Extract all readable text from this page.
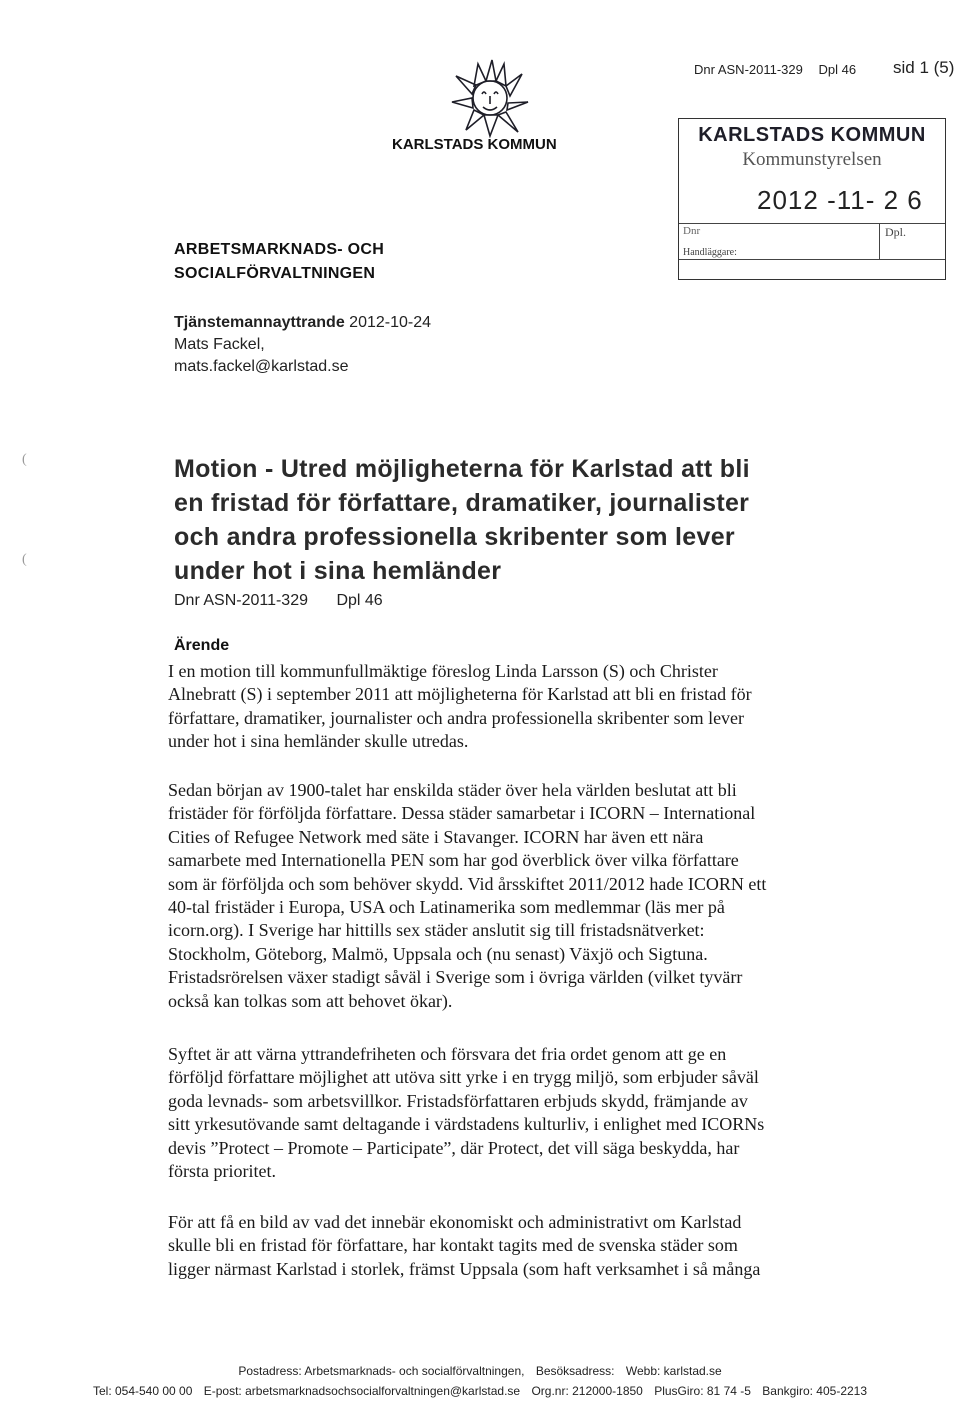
Dnr ASN-2011-329 Dpl 46	sid 1 (5)
KARLSTADS KOMMUN	KARLSTADS KOMMUN
Kommunstyrelsen
2012 -11- 2 6
Dnr	Dpl.
Handläggare:
ARBETSMARKNADS- OCH
SOCIALFÖRVALTNINGEN
Tjänstemannayttrande 2012-10-24
Mats Fackel,
mats.fackel@karlstad.se
(
(
Motion - Utred möjligheterna för Karlstad att bli
en fristad för författare, dramatiker, journalister
och andra professionella skribenter som lever
under hot i sina hemländer
Dnr ASN-2011-329 Dpl 46
Ärende
I en motion till kommunfullmäktige föreslog Linda Larsson (S) och Christer
Alnebratt (S) i september 2011 att möjligheterna för Karlstad att bli en fristad för
författare, dramatiker, journalister och andra professionella skribenter som lever
under hot i sina hemländer skulle utredas.
Sedan början av 1900-talet har enskilda städer över hela världen beslutat att bli
fristäder för förföljda författare. Dessa städer samarbetar i ICORN – International
Cities of Refugee Network med säte i Stavanger. ICORN har även ett nära
samarbete med Internationella PEN som har god överblick över vilka författare
som är förföljda och som behöver skydd. Vid årsskiftet 2011/2012 hade ICORN ett
40-tal fristäder i Europa, USA och Latinamerika som medlemmar (läs mer på
icorn.org). I Sverige har hittills sex städer anslutit sig till fristadsnätverket:
Stockholm, Göteborg, Malmö, Uppsala och (nu senast) Växjö och Sigtuna.
Fristadsrörelsen växer stadigt såväl i Sverige som i övriga världen (vilket tyvärr
också kan tolkas som att behovet ökar).
Syftet är att värna yttrandefriheten och försvara det fria ordet genom att ge en
förföljd författare möjlighet att utöva sitt yrke i en trygg miljö, som erbjuder såväl
goda levnads- som arbetsvillkor. Fristadsförfattaren erbjuds skydd, främjande av
sitt yrkesutövande samt deltagande i värdstadens kulturliv, i enlighet med ICORNs
devis ”Protect – Promote – Participate”, där Protect, det vill säga beskydda, har
första prioritet.
För att få en bild av vad det innebär ekonomiskt och administrativt om Karlstad
skulle bli en fristad för författare, har kontakt tagits med de svenska städer som
ligger närmast Karlstad i storlek, främst Uppsala (som haft verksamhet i så många
Postadress: Arbetsmarknads- och socialförvaltningen, Besöksadress: Webb: karlstad.se
Tel: 054-540 00 00 E-post: arbetsmarknadsochsocialforvaltningen@karlstad.se Org.nr: 212000-1850 PlusGiro: 81 74 -5 Bankgiro: 405-2213
